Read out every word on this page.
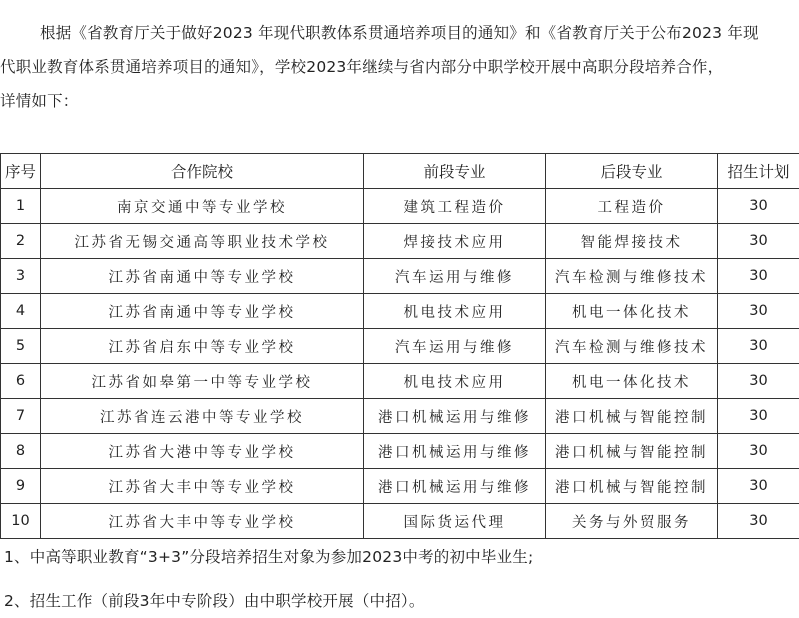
根据《省教育厅关于做好2023 年现代职教体系贯通培养项目的通知》和《省教育厅关于公布2023 年现
代职业教育体系贯通培养项目的通知》，学校2023年继续与省内部分中职学校开展中高职分段培养合作，
详情如下：

序号	合作院校	前段专业	后段专业	招生计划
1	南京交通中等专业学校	建筑工程造价	工程造价	30
2	江苏省无锡交通高等职业技术学校	焊接技术应用	智能焊接技术	30
3	江苏省南通中等专业学校	汽车运用与维修	汽车检测与维修技术	30
4	江苏省南通中等专业学校	机电技术应用	机电一体化技术	30
5	江苏省启东中等专业学校	汽车运用与维修	汽车检测与维修技术	30
6	江苏省如皋第一中等专业学校	机电技术应用	机电一体化技术	30
7	江苏省连云港中等专业学校	港口机械运用与维修	港口机械与智能控制	30
8	江苏省大港中等专业学校	港口机械运用与维修	港口机械与智能控制	30
9	江苏省大丰中等专业学校	港口机械运用与维修	港口机械与智能控制	30
10	江苏省大丰中等专业学校	国际货运代理	关务与外贸服务	30

1、中高等职业教育“3+3”分段培养招生对象为参加2023中考的初中毕业生;

2、招生工作（前段3年中专阶段）由中职学校开展（中招）。
